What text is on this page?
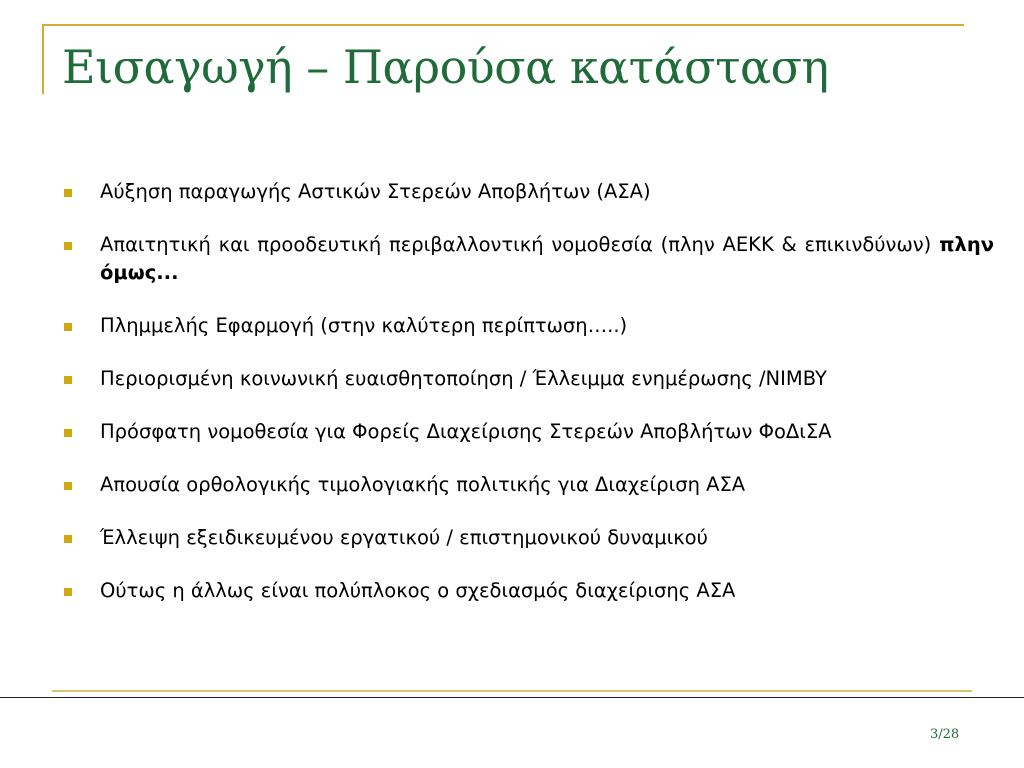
Εισαγωγή – Παρούσα κατάσταση
Αύξηση παραγωγής Αστικών Στερεών Αποβλήτων (ΑΣΑ)
Απαιτητική και προοδευτική περιβαλλοντική νομοθεσία (πλην ΑΕΚΚ & επικινδύνων) πλην όμως...
Πλημμελής Εφαρμογή (στην καλύτερη περίπτωση…..)
Περιορισμένη κοινωνική ευαισθητοποίηση / Έλλειμμα ενημέρωσης /NIMBY
Πρόσφατη νομοθεσία για Φορείς Διαχείρισης Στερεών Αποβλήτων ΦοΔιΣΑ
Απουσία ορθολογικής τιμολογιακής πολιτικής για Διαχείριση ΑΣΑ
Έλλειψη εξειδικευμένου εργατικού / επιστημονικού δυναμικού
Ούτως η άλλως είναι πολύπλοκος ο σχεδιασμός διαχείρισης ΑΣΑ
3/28
